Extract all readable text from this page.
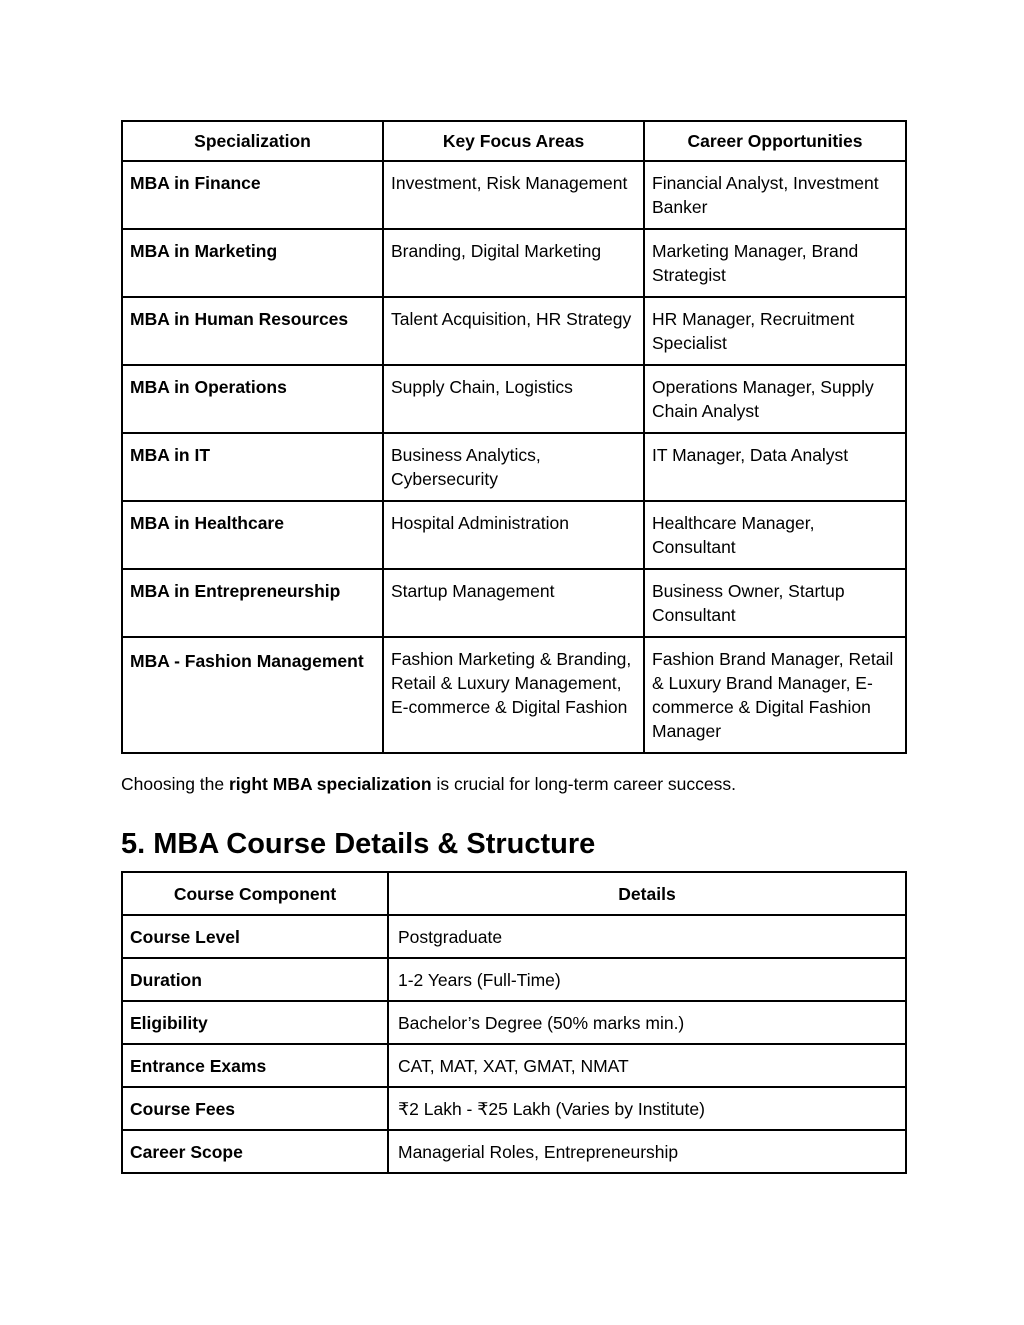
Specialization	Key Focus Areas	Career Opportunities
MBA in Finance	Investment, Risk Management	Financial Analyst, Investment Banker
MBA in Marketing	Branding, Digital Marketing	Marketing Manager, Brand Strategist
MBA in Human Resources	Talent Acquisition, HR Strategy	HR Manager, Recruitment Specialist
MBA in Operations	Supply Chain, Logistics	Operations Manager, Supply Chain Analyst
MBA in IT	Business Analytics, Cybersecurity	IT Manager, Data Analyst
MBA in Healthcare	Hospital Administration	Healthcare Manager, Consultant
MBA in Entrepreneurship	Startup Management	Business Owner, Startup Consultant
MBA - Fashion Management	Fashion Marketing & Branding, Retail & Luxury Management, E-commerce & Digital Fashion	Fashion Brand Manager, Retail & Luxury Brand Manager, E-commerce & Digital Fashion Manager

Choosing the right MBA specialization is crucial for long-term career success.

5. MBA Course Details & Structure
Course Component	Details
Course Level	Postgraduate
Duration	1-2 Years (Full-Time)
Eligibility	Bachelor’s Degree (50% marks min.)
Entrance Exams	CAT, MAT, XAT, GMAT, NMAT
Course Fees	₹2 Lakh - ₹25 Lakh (Varies by Institute)
Career Scope	Managerial Roles, Entrepreneurship
